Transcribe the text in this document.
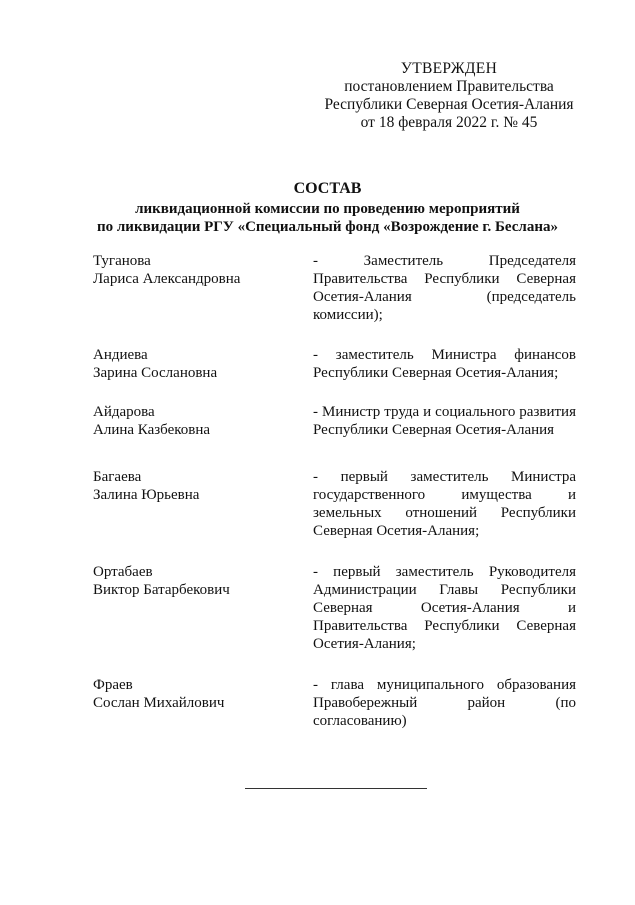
УТВЕРЖДЕН
постановлением Правительства
Республики Северная Осетия-Алания
от 18 февраля 2022 г. № 45
СОСТАВ
ликвидационной комиссии по проведению мероприятий
по ликвидации РГУ «Специальный фонд «Возрождение г. Беслана»
Туганова
Лариса Александровна
- Заместитель Председателя Правительства Республики Северная Осетия-Алания (председатель комиссии);
Андиева
Зарина Сослановна
- заместитель Министра финансов Республики Северная Осетия-Алания;
Айдарова
Алина Казбековна
- Министр труда и социального развития Республики Северная Осетия-Алания
Багаева
Залина Юрьевна
- первый заместитель Министра государственного имущества и земельных отношений Республики Северная Осетия-Алания;
Ортабаев
Виктор Батарбекович
- первый заместитель Руководителя Администрации Главы Республики Северная Осетия-Алания и Правительства Республики Северная Осетия-Алания;
Фраев
Сослан Михайлович
- глава муниципального образования Правобережный район (по согласованию)
